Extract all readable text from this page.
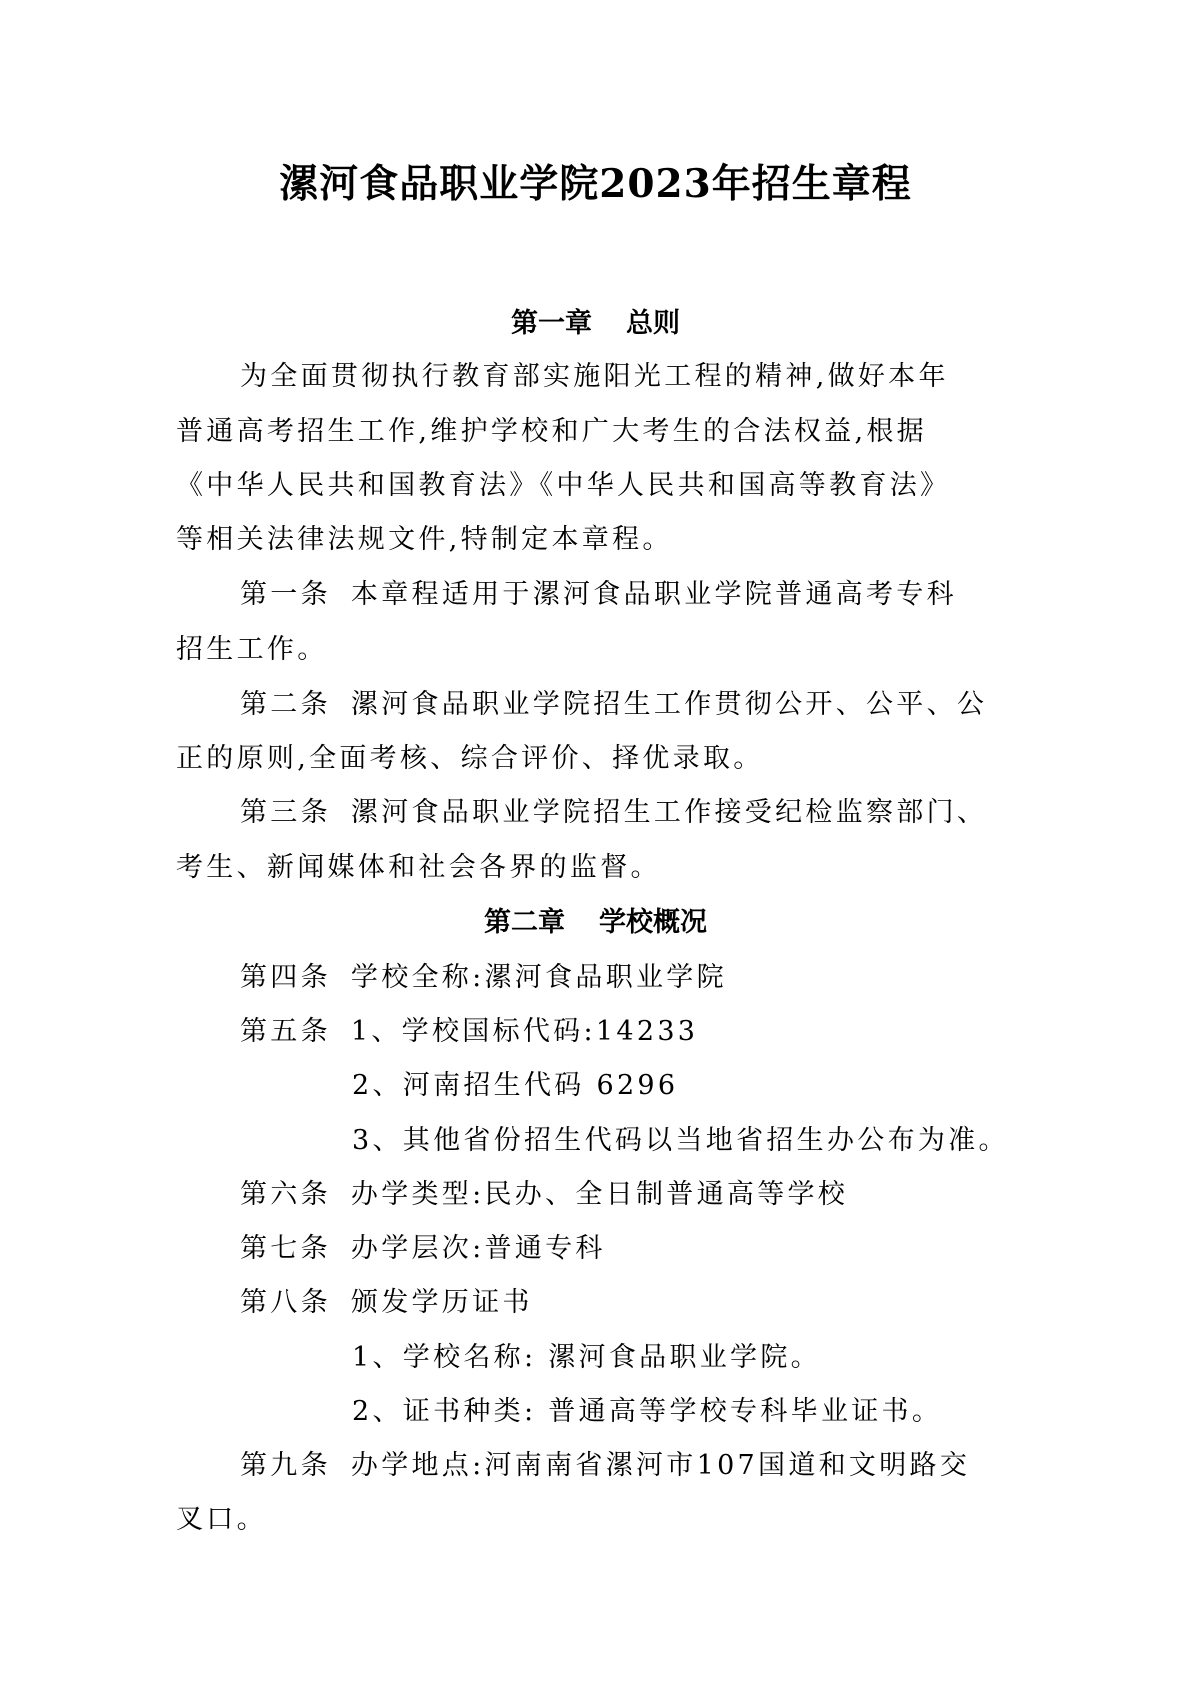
漯河食品职业学院2023年招生章程
第一章 总则
为全面贯彻执行教育部实施阳光工程的精神,做好本年
普通高考招生工作,维护学校和广大考生的合法权益,根据
《中华人民共和国教育法》《中华人民共和国高等教育法》
等相关法律法规文件,特制定本章程。
第一条 本章程适用于漯河食品职业学院普通高考专科
招生工作。
第二条 漯河食品职业学院招生工作贯彻公开、公平、公
正的原则,全面考核、综合评价、择优录取。
第三条 漯河食品职业学院招生工作接受纪检监察部门、
考生、新闻媒体和社会各界的监督。
第二章 学校概况
第四条 学校全称:漯河食品职业学院
第五条 1、学校国标代码:14233
2、河南招生代码 6296
3、其他省份招生代码以当地省招生办公布为准。
第六条 办学类型:民办、全日制普通高等学校
第七条 办学层次:普通专科
第八条 颁发学历证书
1、学校名称: 漯河食品职业学院。
2、证书种类: 普通高等学校专科毕业证书。
第九条 办学地点:河南南省漯河市107国道和文明路交
叉口。
